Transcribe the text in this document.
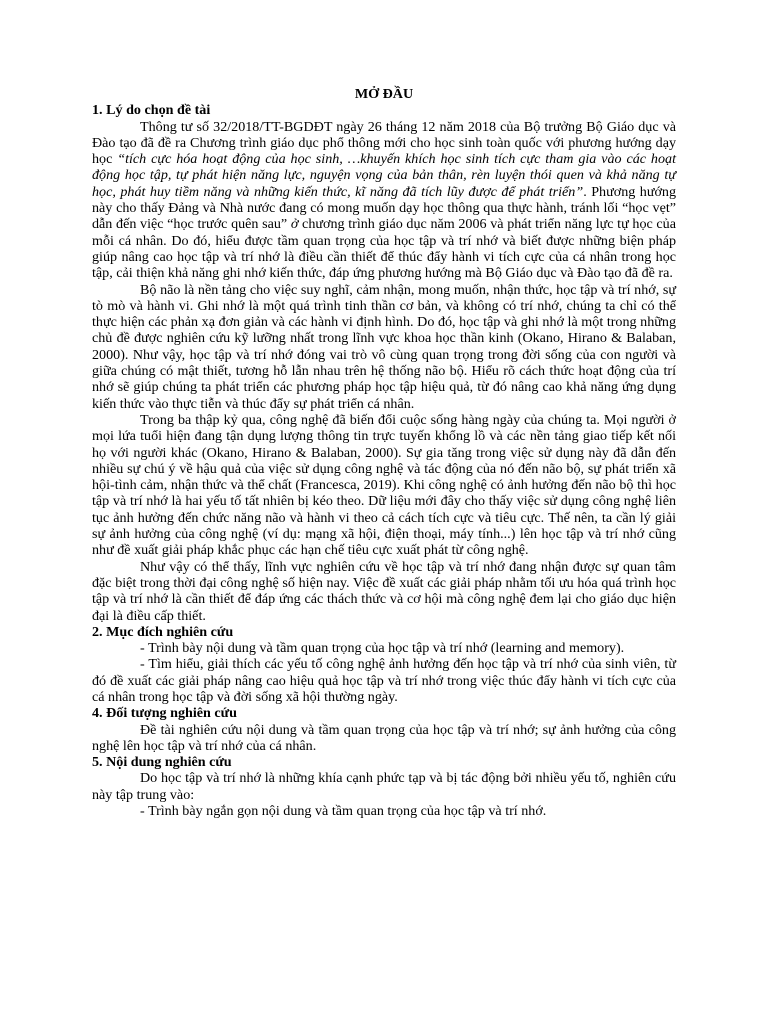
MỞ ĐẦU
1. Lý do chọn đề tài

Thông tư số 32/2018/TT-BGDĐT ngày 26 tháng 12 năm 2018 của Bộ trưởng Bộ Giáo dục và Đào tạo đã đề ra Chương trình giáo dục phổ thông mới cho học sinh toàn quốc với phương hướng dạy học “tích cực hóa hoạt động của học sinh, …khuyến khích học sinh tích cực tham gia vào các hoạt động học tập, tự phát hiện năng lực, nguyện vọng của bản thân, rèn luyện thói quen và khả năng tự học, phát huy tiềm năng và những kiến thức, kĩ năng đã tích lũy được để phát triển”. Phương hướng này cho thấy Đảng và Nhà nước đang có mong muốn dạy học thông qua thực hành, tránh lối “học vẹt” dẫn đến việc “học trước quên sau” ở chương trình giáo dục năm 2006 và phát triển năng lực tự học của mỗi cá nhân. Do đó, hiểu được tầm quan trọng của học tập và trí nhớ và biết được những biện pháp giúp nâng cao học tập và trí nhớ là điều cần thiết để thúc đẩy hành vi tích cực của cá nhân trong học tập, cải thiện khả năng ghi nhớ kiến thức, đáp ứng phương hướng mà Bộ Giáo dục và Đào tạo đã đề ra.

Bộ não là nền tảng cho việc suy nghĩ, cảm nhận, mong muốn, nhận thức, học tập và trí nhớ, sự tò mò và hành vi. Ghi nhớ là một quá trình tinh thần cơ bản, và không có trí nhớ, chúng ta chỉ có thể thực hiện các phản xạ đơn giản và các hành vi định hình. Do đó, học tập và ghi nhớ là một trong những chủ đề được nghiên cứu kỹ lưỡng nhất trong lĩnh vực khoa học thần kinh (Okano, Hirano & Balaban, 2000). Như vậy, học tập và trí nhớ đóng vai trò vô cùng quan trọng trong đời sống của con người và giữa chúng có mật thiết, tương hỗ lẫn nhau trên hệ thống não bộ. Hiểu rõ cách thức hoạt động của trí nhớ sẽ giúp chúng ta phát triển các phương pháp học tập hiệu quả, từ đó nâng cao khả năng ứng dụng kiến thức vào thực tiễn và thúc đẩy sự phát triển cá nhân.

Trong ba thập kỷ qua, công nghệ đã biến đổi cuộc sống hàng ngày của chúng ta. Mọi người ở mọi lứa tuổi hiện đang tận dụng lượng thông tin trực tuyến khổng lồ và các nền tảng giao tiếp kết nối họ với người khác (Okano, Hirano & Balaban, 2000). Sự gia tăng trong việc sử dụng này đã dẫn đến nhiều sự chú ý về hậu quả của việc sử dụng công nghệ và tác động của nó đến não bộ, sự phát triển xã hội-tình cảm, nhận thức và thể chất (Francesca, 2019). Khi công nghệ có ảnh hưởng đến não bộ thì học tập và trí nhớ là hai yếu tố tất nhiên bị kéo theo. Dữ liệu mới đây cho thấy việc sử dụng công nghệ liên tục ảnh hưởng đến chức năng não và hành vi theo cả cách tích cực và tiêu cực. Thế nên, ta cần lý giải sự ảnh hưởng của công nghệ (ví dụ: mạng xã hội, điện thoại, máy tính...) lên học tập và trí nhớ cũng như đề xuất giải pháp khắc phục các hạn chế tiêu cực xuất phát từ công nghệ.

Như vậy có thể thấy, lĩnh vực nghiên cứu về học tập và trí nhớ đang nhận được sự quan tâm đặc biệt trong thời đại công nghệ số hiện nay. Việc đề xuất các giải pháp nhằm tối ưu hóa quá trình học tập và trí nhớ là cần thiết để đáp ứng các thách thức và cơ hội mà công nghệ đem lại cho giáo dục hiện đại là điều cấp thiết.

2. Mục đích nghiên cứu

- Trình bày nội dung và tầm quan trọng của học tập và trí nhớ (learning and memory).

- Tìm hiểu, giải thích các yếu tố công nghệ ảnh hưởng đến học tập và trí nhớ của sinh viên, từ đó đề xuất các giải pháp nâng cao hiệu quả học tập và trí nhớ trong việc thúc đẩy hành vi tích cực của cá nhân trong học tập và đời sống xã hội thường ngày.

4. Đối tượng nghiên cứu

Đề tài nghiên cứu nội dung và tầm quan trọng của học tập và trí nhớ; sự ảnh hưởng của công nghệ lên học tập và trí nhớ của cá nhân.

5. Nội dung nghiên cứu

Do học tập và trí nhớ là những khía cạnh phức tạp và bị tác động bởi nhiều yếu tố, nghiên cứu này tập trung vào:

- Trình bày ngắn gọn nội dung và tầm quan trọng của học tập và trí nhớ.
